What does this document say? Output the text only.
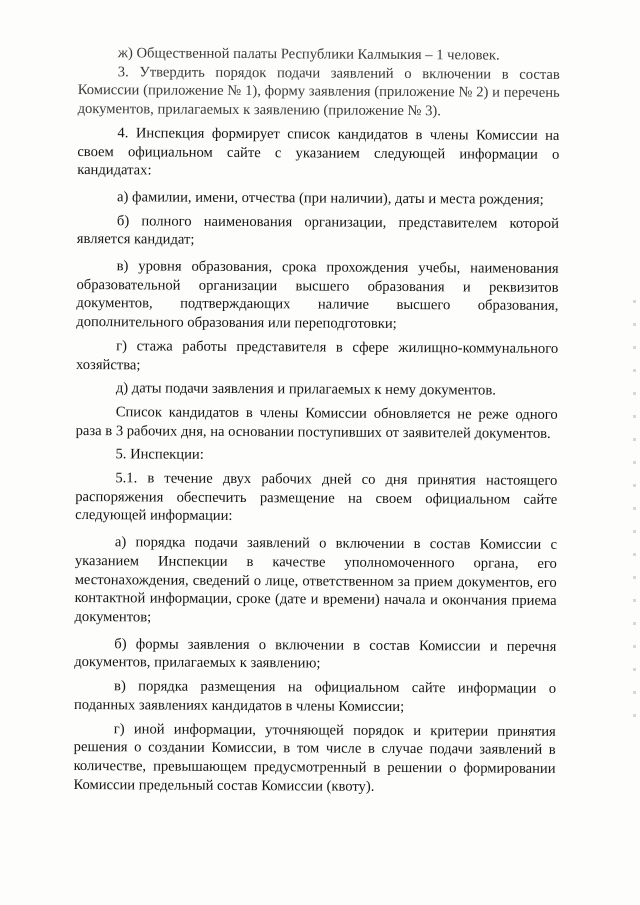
ж) Общественной палаты Республики Калмыкия – 1 человек.

3. Утвердить порядок подачи заявлений о включении в состав Комиссии (приложение № 1), форму заявления (приложение № 2) и перечень документов, прилагаемых к заявлению (приложение № 3).

4. Инспекция формирует список кандидатов в члены Комиссии на своем официальном сайте с указанием следующей информации о кандидатах:

а) фамилии, имени, отчества (при наличии), даты и места рождения;

б) полного наименования организации, представителем которой является кандидат;

в) уровня образования, срока прохождения учебы, наименования образовательной организации высшего образования и реквизитов документов, подтверждающих наличие высшего образования, дополнительного образования или переподготовки;

г) стажа работы представителя в сфере жилищно-коммунального хозяйства;

д) даты подачи заявления и прилагаемых к нему документов.

Список кандидатов в члены Комиссии обновляется не реже одного раза в 3 рабочих дня, на основании поступивших от заявителей документов.

5. Инспекции:

5.1. в течение двух рабочих дней со дня принятия настоящего распоряжения обеспечить размещение на своем официальном сайте следующей информации:

а) порядка подачи заявлений о включении в состав Комиссии с указанием Инспекции в качестве уполномоченного органа, его местонахождения, сведений о лице, ответственном за прием документов, его контактной информации, сроке (дате и времени) начала и окончания приема документов;

б) формы заявления о включении в состав Комиссии и перечня документов, прилагаемых к заявлению;

в) порядка размещения на официальном сайте информации о поданных заявлениях кандидатов в члены Комиссии;

г) иной информации, уточняющей порядок и критерии принятия решения о создании Комиссии, в том числе в случае подачи заявлений в количестве, превышающем предусмотренный в решении о формировании Комиссии предельный состав Комиссии (квоту).
